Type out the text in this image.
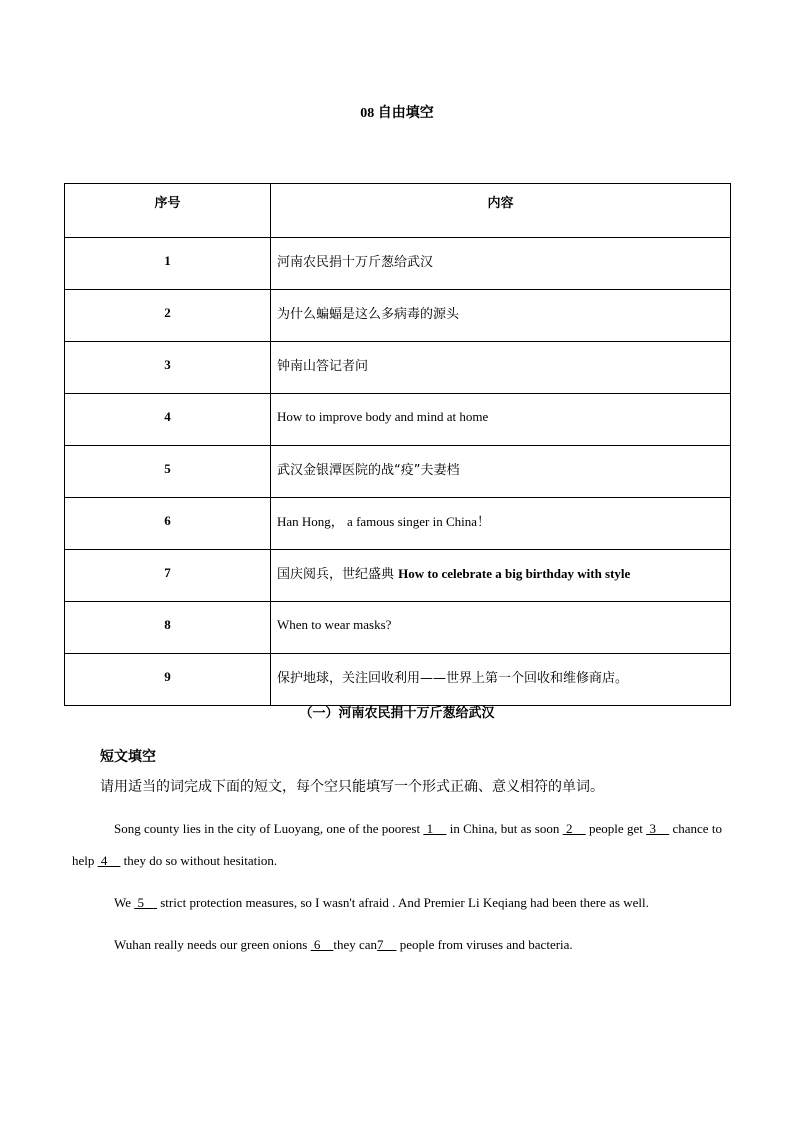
08 自由填空
序号	内容
1	河南农民捐十万斤葱给武汉
2	为什么蝙蝠是这么多病毒的源头
3	钟南山答记者问
4	How to improve body and mind at home
5	武汉金银潭医院的战“疫”夫妻档
6	Han Hong， a famous singer in China！
7	国庆阅兵，世纪盛典 How to celebrate a big birthday with style
8	When to wear masks?
9	保护地球，关注回收利用——世界上第一个回收和维修商店。
（一）河南农民捐十万斤葱给武汉
短文填空
请用适当的词完成下面的短文，每个空只能填写一个形式正确、意义相符的单词。
Song county lies in the city of Luoyang, one of the poorest  1     in China, but as soon  2     people get  3     chance to help  4     they do so without hesitation.
We  5     strict protection measures, so I wasn't afraid . And Premier Li Keqiang had been there as well.
Wuhan really needs our green onions  6    they can7     people from viruses and bacteria.
